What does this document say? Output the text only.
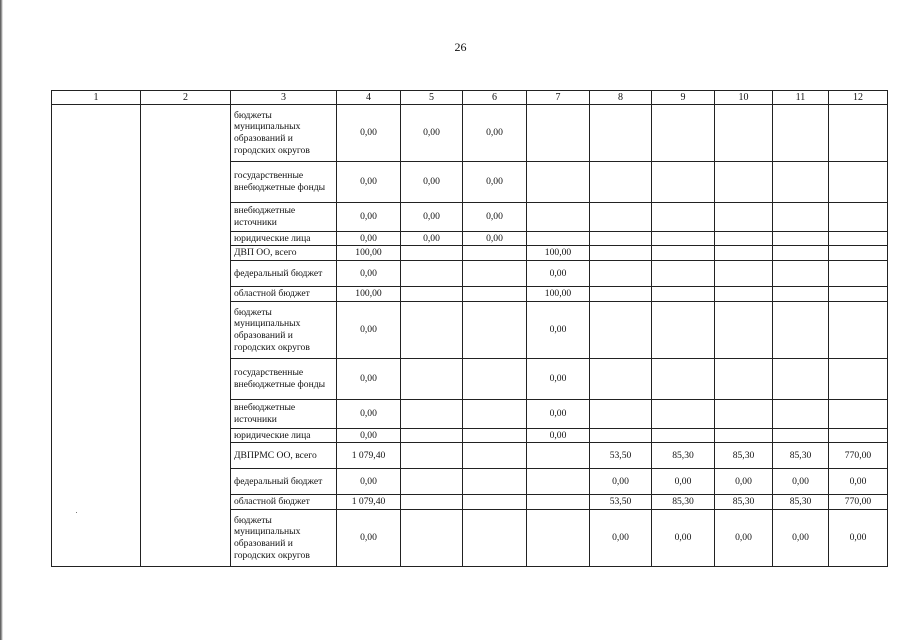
26
1	2	3	4	5	6	7	8	9	10	11	12
		бюджеты муниципальных образований и городских округов	0,00	0,00	0,00						
		государственные внебюджетные фонды	0,00	0,00	0,00						
		внебюджетные источники	0,00	0,00	0,00						
		юридические лица	0,00	0,00	0,00						
		ДВП ОО, всего	100,00			100,00					
		федеральный бюджет	0,00			0,00					
		областной бюджет	100,00			100,00					
		бюджеты муниципальных образований и городских округов	0,00			0,00					
		государственные внебюджетные фонды	0,00			0,00					
		внебюджетные источники	0,00			0,00					
		юридические лица	0,00			0,00					
		ДВПРМС ОО, всего	1 079,40				53,50	85,30	85,30	85,30	770,00
		федеральный бюджет	0,00				0,00	0,00	0,00	0,00	0,00
		областной бюджет	1 079,40				53,50	85,30	85,30	85,30	770,00
		бюджеты муниципальных образований и городских округов	0,00				0,00	0,00	0,00	0,00	0,00
